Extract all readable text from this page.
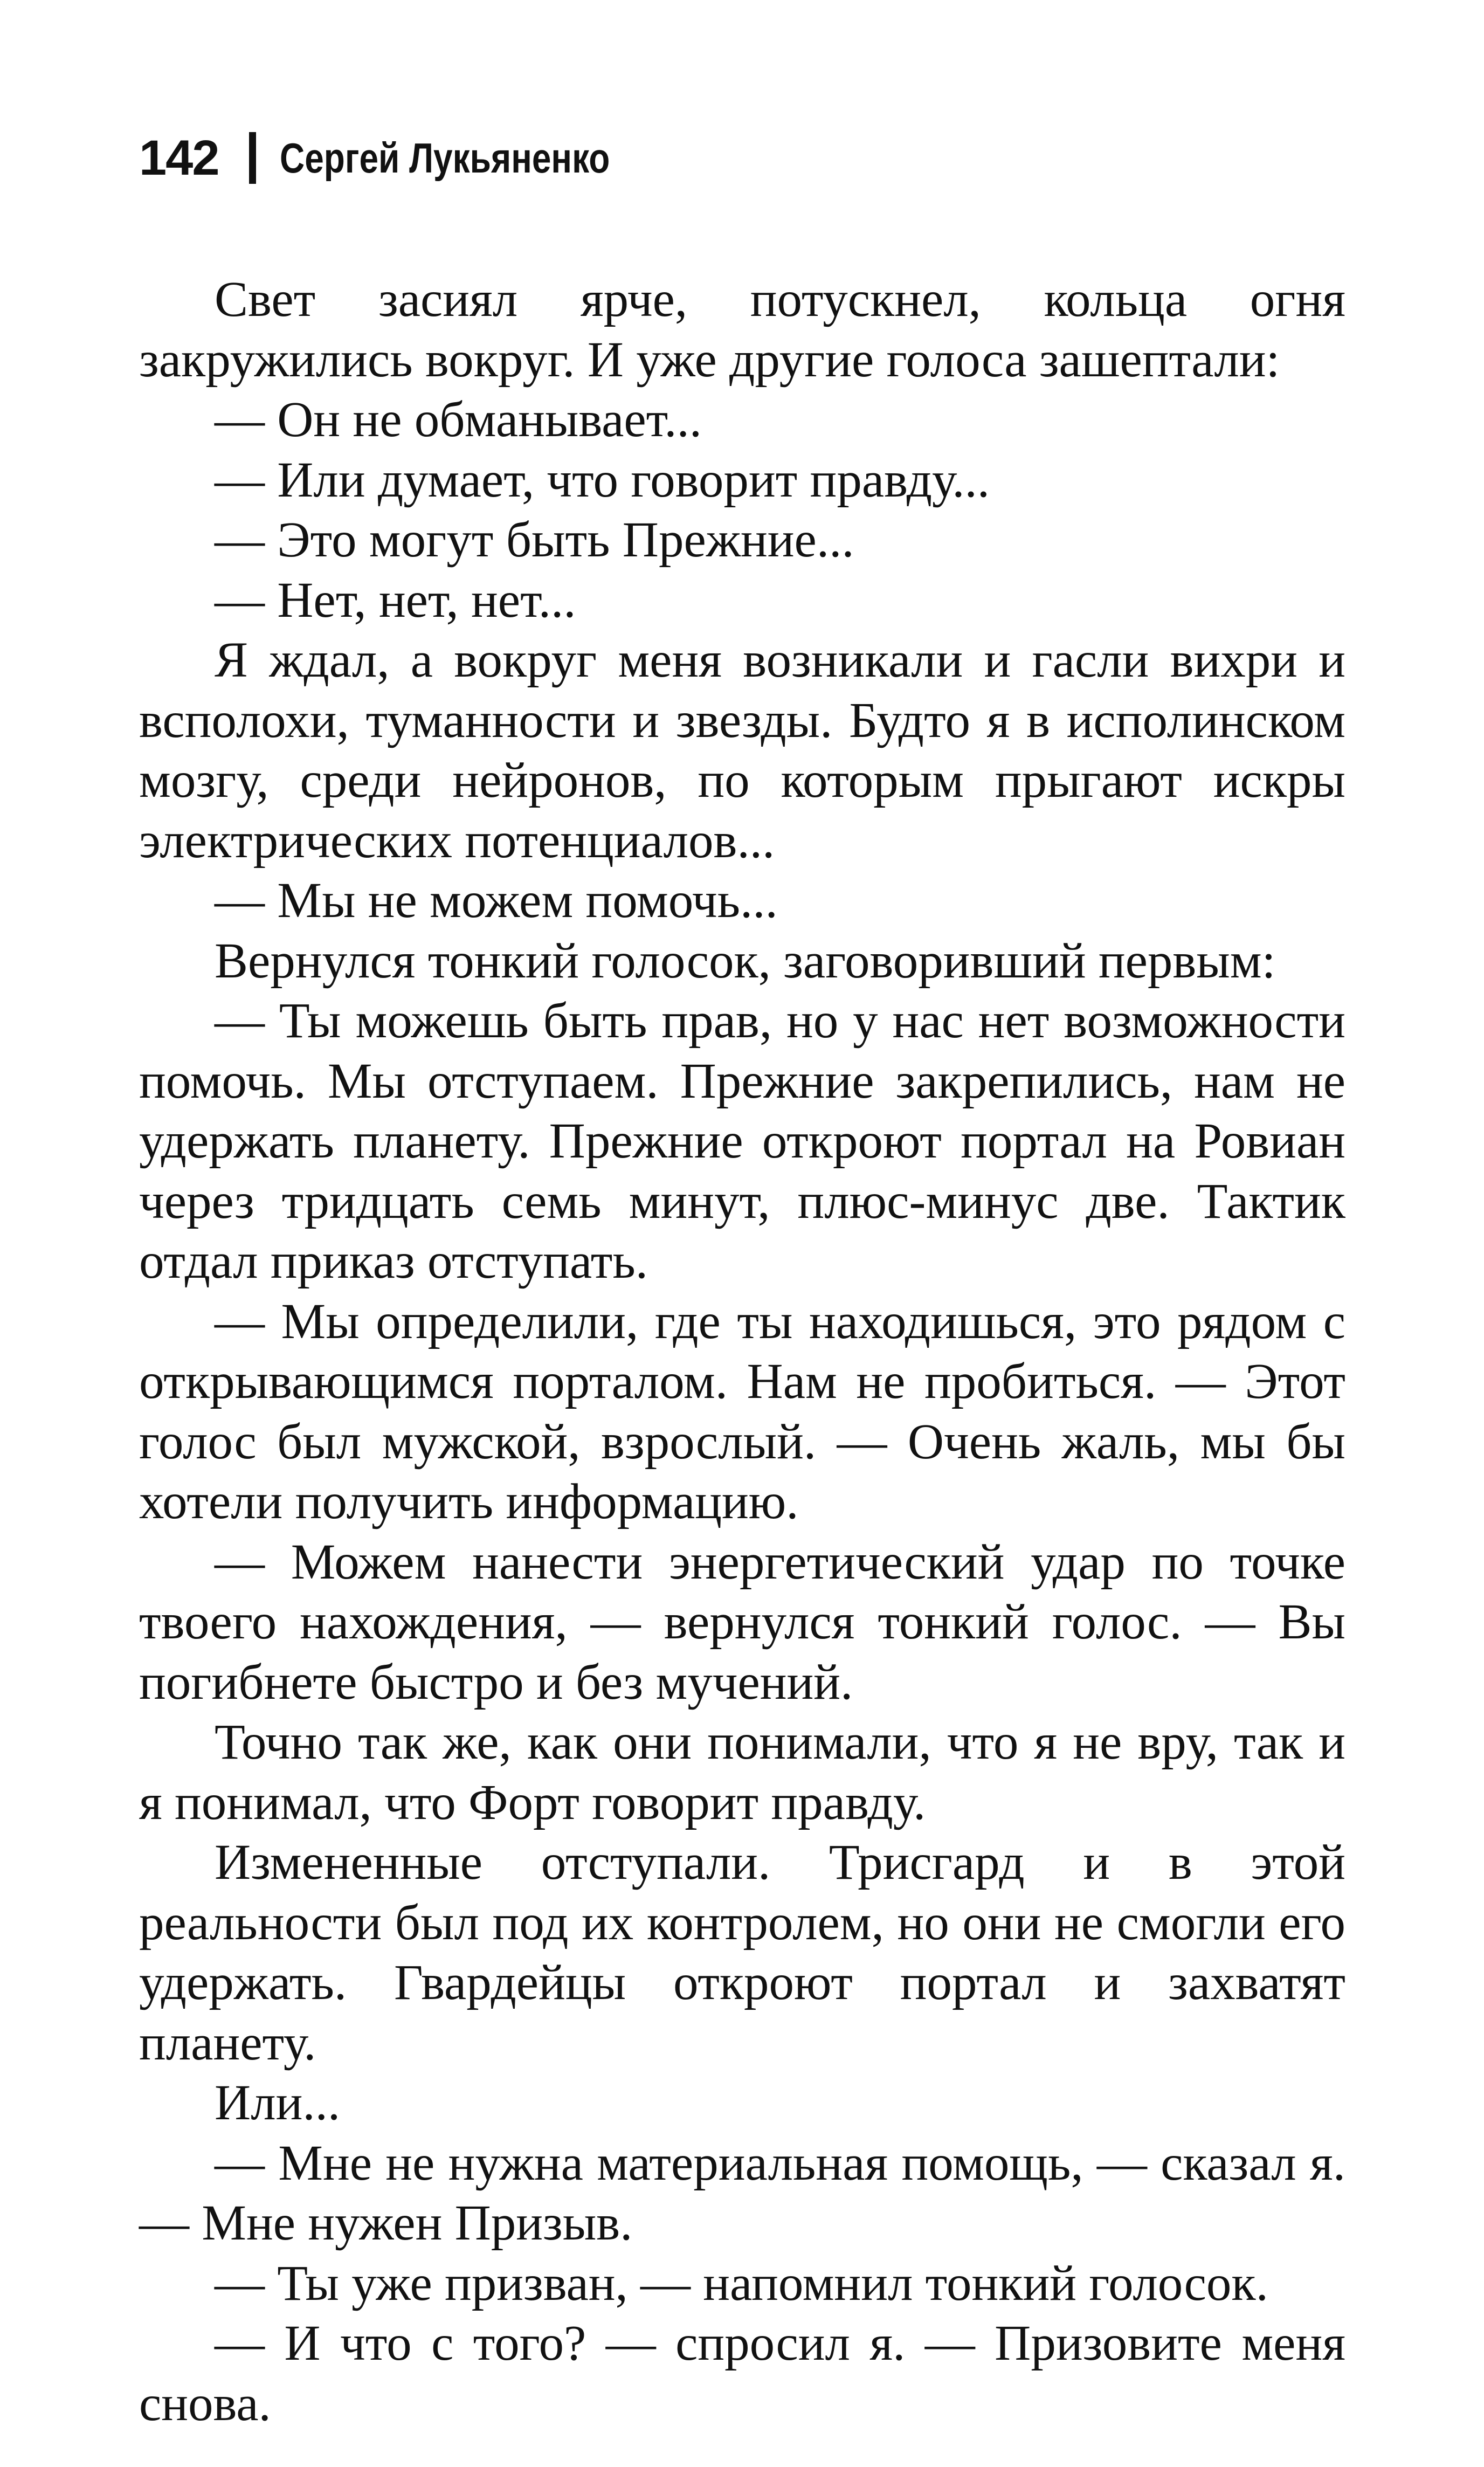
142 Сергей Лукьяненко

Свет засиял ярче, потускнел, кольца огня закружились вокруг. И уже другие голоса зашептали:

— Он не обманывает...

— Или думает, что говорит правду...

— Это могут быть Прежние...

— Нет, нет, нет...

Я ждал, а вокруг меня возникали и гасли вихри и всполохи, туманности и звезды. Будто я в исполинском мозгу, среди нейронов, по которым прыгают искры электрических потенциалов...

— Мы не можем помочь...

Вернулся тонкий голосок, заговоривший первым:

— Ты можешь быть прав, но у нас нет возможности помочь. Мы отступаем. Прежние закрепились, нам не удержать планету. Прежние откроют портал на Ровиан через тридцать семь минут, плюс-минус две. Тактик отдал приказ отступать.

— Мы определили, где ты находишься, это рядом с открывающимся порталом. Нам не пробиться. — Этот голос был мужской, взрослый. — Очень жаль, мы бы хотели получить информацию.

— Можем нанести энергетический удар по точке твоего нахождения, — вернулся тонкий голос. — Вы погибнете быстро и без мучений.

Точно так же, как они понимали, что я не вру, так и я понимал, что Форт говорит правду.

Измененные отступали. Трисгард и в этой реальности был под их контролем, но они не смогли его удержать. Гвардейцы откроют портал и захватят планету.

Или...

— Мне не нужна материальная помощь, — сказал я. — Мне нужен Призыв.

— Ты уже призван, — напомнил тонкий голосок.

— И что с того? — спросил я. — Призовите меня снова.
